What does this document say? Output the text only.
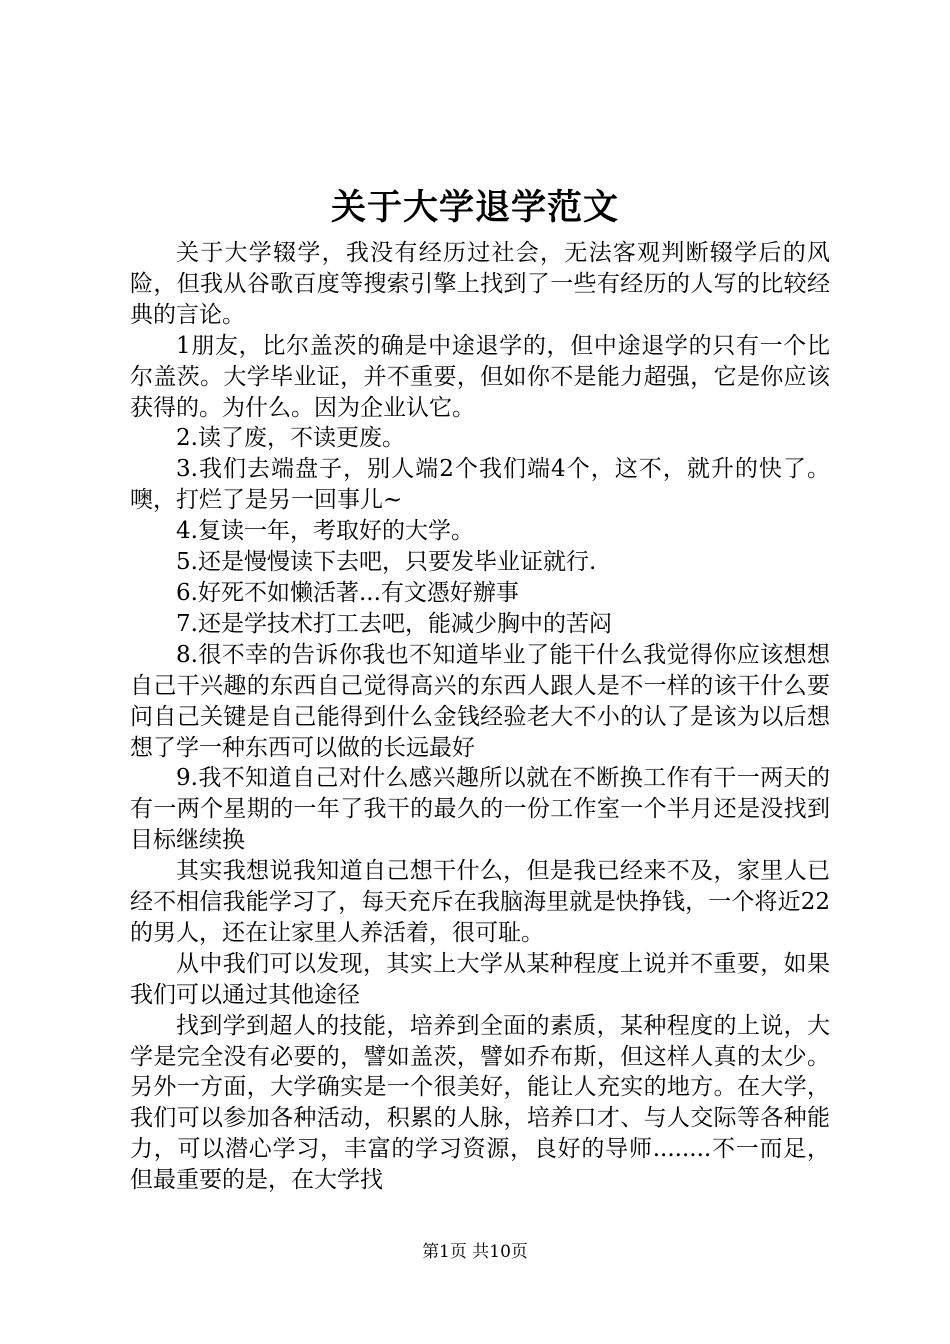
关于大学退学范文

关于大学辍学，我没有经历过社会，无法客观判断辍学后的风险，但我从谷歌百度等搜索引擎上找到了一些有经历的人写的比较经典的言论。

1朋友，比尔盖茨的确是中途退学的，但中途退学的只有一个比尔盖茨。大学毕业证，并不重要，但如你不是能力超强，它是你应该获得的。为什么。因为企业认它。

2.读了废，不读更废。

3.我们去端盘子，别人端2个我们端4个，这不，就升的快了。噢，打烂了是另一回事儿~

4.复读一年，考取好的大学。

5.还是慢慢读下去吧，只要发毕业证就行.

6.好死不如懒活著...有文憑好辦事

7.还是学技术打工去吧，能减少胸中的苦闷

8.很不幸的告诉你我也不知道毕业了能干什么我觉得你应该想想自己干兴趣的东西自己觉得高兴的东西人跟人是不一样的该干什么要问自己关键是自己能得到什么金钱经验老大不小的认了是该为以后想想了学一种东西可以做的长远最好

9.我不知道自己对什么感兴趣所以就在不断换工作有干一两天的有一两个星期的一年了我干的最久的一份工作室一个半月还是没找到目标继续换

其实我想说我知道自己想干什么，但是我已经来不及，家里人已经不相信我能学习了，每天充斥在我脑海里就是快挣钱，一个将近22的男人，还在让家里人养活着，很可耻。

从中我们可以发现，其实上大学从某种程度上说并不重要，如果我们可以通过其他途径

找到学到超人的技能，培养到全面的素质，某种程度的上说，大学是完全没有必要的，譬如盖茨，譬如乔布斯，但这样人真的太少。另外一方面，大学确实是一个很美好，能让人充实的地方。在大学，我们可以参加各种活动，积累的人脉，培养口才、与人交际等各种能力，可以潜心学习，丰富的学习资源，良好的导师........不一而足，但最重要的是，在大学找

第1页 共10页
